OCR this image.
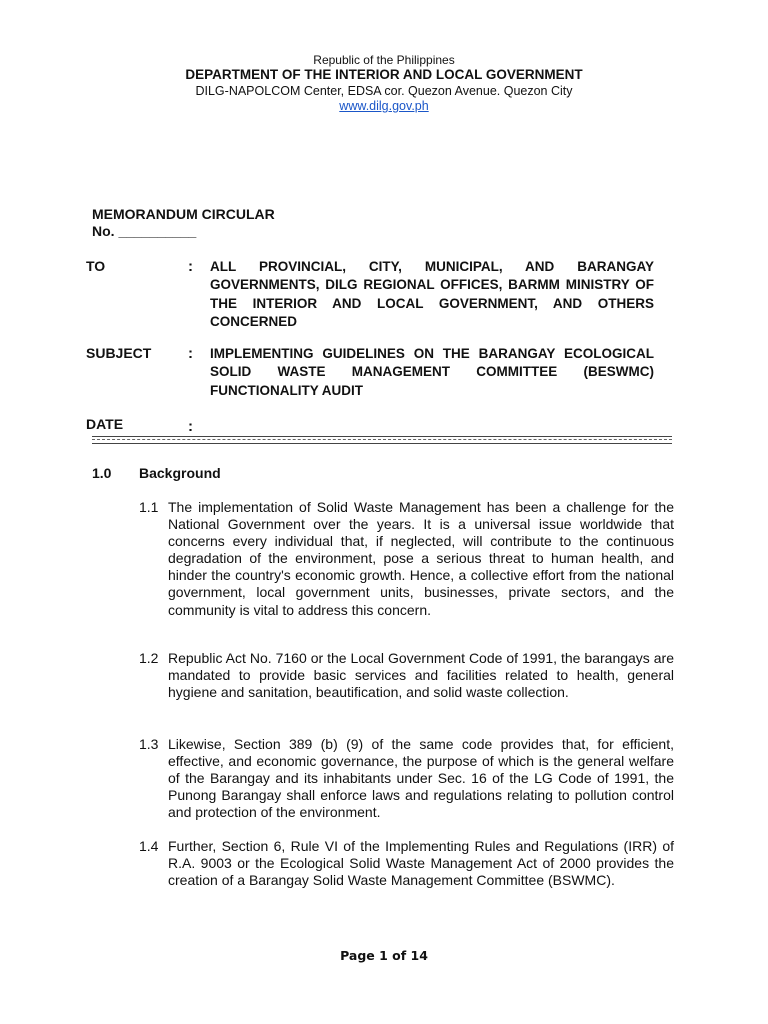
Republic of the Philippines
DEPARTMENT OF THE INTERIOR AND LOCAL GOVERNMENT
DILG-NAPOLCOM Center, EDSA cor. Quezon Avenue. Quezon City
www.dilg.gov.ph
MEMORANDUM CIRCULAR
No. __________
TO	: ALL PROVINCIAL, CITY, MUNICIPAL, AND BARANGAY GOVERNMENTS, DILG REGIONAL OFFICES, BARMM MINISTRY OF THE INTERIOR AND LOCAL GOVERNMENT, AND OTHERS CONCERNED
SUBJECT : IMPLEMENTING GUIDELINES ON THE BARANGAY ECOLOGICAL SOLID WASTE MANAGEMENT COMMITTEE (BESWMC) FUNCTIONALITY AUDIT
DATE	:
1.0 Background
1.1 The implementation of Solid Waste Management has been a challenge for the National Government over the years. It is a universal issue worldwide that concerns every individual that, if neglected, will contribute to the continuous degradation of the environment, pose a serious threat to human health, and hinder the country's economic growth. Hence, a collective effort from the national government, local government units, businesses, private sectors, and the community is vital to address this concern.
1.2 Republic Act No. 7160 or the Local Government Code of 1991, the barangays are mandated to provide basic services and facilities related to health, general hygiene and sanitation, beautification, and solid waste collection.
1.3 Likewise, Section 389 (b) (9) of the same code provides that, for efficient, effective, and economic governance, the purpose of which is the general welfare of the Barangay and its inhabitants under Sec. 16 of the LG Code of 1991, the Punong Barangay shall enforce laws and regulations relating to pollution control and protection of the environment.
1.4 Further, Section 6, Rule VI of the Implementing Rules and Regulations (IRR) of R.A. 9003 or the Ecological Solid Waste Management Act of 2000 provides the creation of a Barangay Solid Waste Management Committee (BSWMC).
Page 1 of 14
